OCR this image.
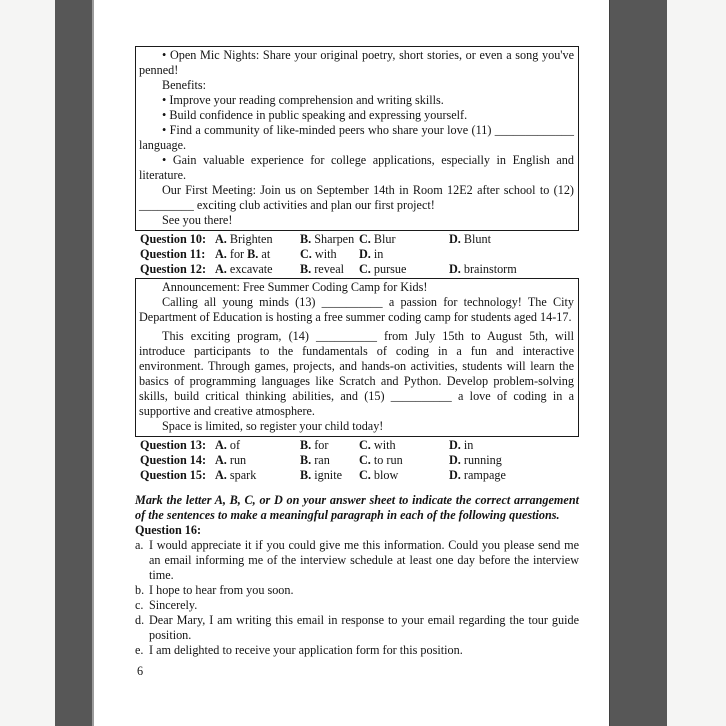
• Open Mic Nights: Share your original poetry, short stories, or even a song you've penned!

Benefits:

• Improve your reading comprehension and writing skills.

• Build confidence in public speaking and expressing yourself.

• Find a community of like-minded peers who share your love (11) _____________ language.

• Gain valuable experience for college applications, especially in English and literature.

Our First Meeting: Join us on September 14th in Room 12E2 after school to (12) _________ exciting club activities and plan our first project!

See you there!

Question 10: A. Brighten	B. Sharpen C. Blur	D. Blunt
Question 11: A. for B. at	C. with	D. in
Question 12: A. excavate	B. reveal	C. pursue	D. brainstorm

Announcement: Free Summer Coding Camp for Kids!

Calling all young minds (13) __________ a passion for technology! The City Department of Education is hosting a free summer coding camp for students aged 14-17.

This exciting program, (14) __________ from July 15th to August 5th, will introduce participants to the fundamentals of coding in a fun and interactive environment. Through games, projects, and hands-on activities, students will learn the basics of programming languages like Scratch and Python. Develop problem-solving skills, build critical thinking abilities, and (15) __________ a love of coding in a supportive and creative atmosphere.

Space is limited, so register your child today!

Question 13: A. of	B. for	C. with	D. in
Question 14: A. run	B. ran	C. to run	D. running
Question 15: A. spark	B. ignite	C. blow	D. rampage

Mark the letter A, B, C, or D on your answer sheet to indicate the correct arrangement of the sentences to make a meaningful paragraph in each of the following questions.

Question 16:

a. I would appreciate it if you could give me this information. Could you please send me an email informing me of the interview schedule at least one day before the interview time.
b. I hope to hear from you soon.
c. Sincerely.
d. Dear Mary, I am writing this email in response to your email regarding the tour guide position.
e. I am delighted to receive your application form for this position.
6
